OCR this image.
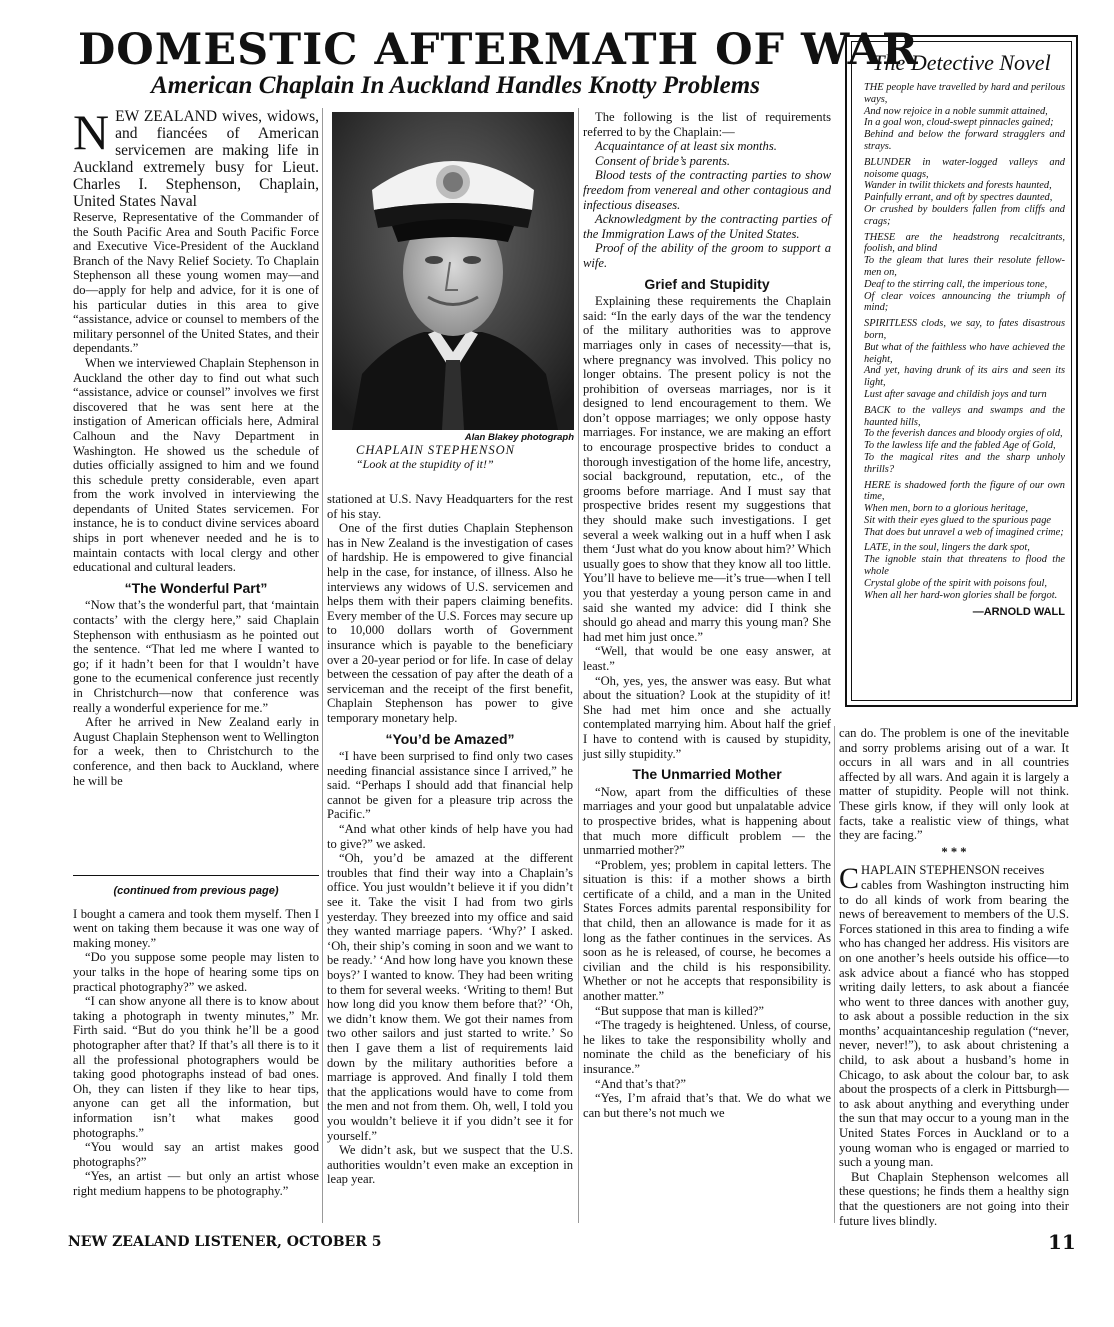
DOMESTIC AFTERMATH OF WAR
American Chaplain In Auckland Handles Knotty Problems
N EW ZEALAND wives, widows, and fiancées of American servicemen are making life in Auckland extremely busy for Lieut. Charles I. Stephenson, Chaplain, United States Naval

Reserve, Representative of the Commander of the South Pacific Area and South Pacific Force and Executive Vice-President of the Auckland Branch of the Navy Relief Society. To Chaplain Stephenson all these young women may—and do—apply for help and advice, for it is one of his particular duties in this area to give “assistance, advice or counsel to members of the military personnel of the United States, and their dependants.”

When we interviewed Chaplain Stephenson in Auckland the other day to find out what such “assistance, advice or counsel” involves we first discovered that he was sent here at the instigation of American officials here, Admiral Calhoun and the Navy Department in Washington. He showed us the schedule of duties officially assigned to him and we found this schedule pretty considerable, even apart from the work involved in interviewing the dependants of United States servicemen. For instance, he is to conduct divine services aboard ships in port whenever needed and he is to maintain contacts with local clergy and other educational and cultural leaders.

“The Wonderful Part”

“Now that’s the wonderful part, that ‘maintain contacts’ with the clergy here,” said Chaplain Stephenson with enthusiasm as he pointed out the sentence. “That led me where I wanted to go; if it hadn’t been for that I wouldn’t have gone to the ecumenical conference just recently in Christchurch—now that conference was really a wonderful experience for me.”

After he arrived in New Zealand early in August Chaplain Stephenson went to Wellington for a week, then to Christchurch to the conference, and then back to Auckland, where he will be

Alan Blakey photograph
CHAPLAIN STEPHENSON
“Look at the stupidity of it!”

stationed at U.S. Navy Headquarters for the rest of his stay.

One of the first duties Chaplain Stephenson has in New Zealand is the investigation of cases of hardship. He is empowered to give financial help in the case, for instance, of illness. Also he interviews any widows of U.S. servicemen and helps them with their papers claiming benefits. Every member of the U.S. Forces may secure up to 10,000 dollars worth of Government insurance which is payable to the beneficiary over a 20-year period or for life. In case of delay between the cessation of pay after the death of a serviceman and the receipt of the first benefit, Chaplain Stephenson has power to give temporary monetary help.

“You’d be Amazed”

“I have been surprised to find only two cases needing financial assistance since I arrived,” he said. “Perhaps I should add that financial help cannot be given for a pleasure trip across the Pacific.”

“And what other kinds of help have you had to give?” we asked.

“Oh, you’d be amazed at the different troubles that find their way into a Chaplain’s office. You just wouldn’t believe it if you didn’t see it. Take the visit I had from two girls yesterday. They breezed into my office and said they wanted marriage papers. ‘Why?’ I asked. ‘Oh, their ship’s coming in soon and we want to be ready.’ ‘And how long have you known these boys?’ I wanted to know. They had been writing to them for several weeks. ‘Writing to them! But how long did you know them before that?’ ‘Oh, we didn’t know them. We got their names from two other sailors and just started to write.’ So then I gave them a list of requirements laid down by the military authorities before a marriage is approved. And finally I told them that the applications would have to come from the men and not from them. Oh, well, I told you you wouldn’t believe it if you didn’t see it for yourself.”

We didn’t ask, but we suspect that the U.S. authorities wouldn’t even make an exception in leap year.

The following is the list of requirements referred to by the Chaplain:—

Acquaintance of at least six months.

Consent of bride’s parents.

Blood tests of the contracting parties to show freedom from venereal and other contagious and infectious diseases.

Acknowledgment by the contracting parties of the Immigration Laws of the United States.

Proof of the ability of the groom to support a wife.

Grief and Stupidity

Explaining these requirements the Chaplain said: “In the early days of the war the tendency of the military authorities was to approve marriages only in cases of necessity—that is, where pregnancy was involved. This policy no longer obtains. The present policy is not the prohibition of overseas marriages, nor is it designed to lend encouragement to them. We don’t oppose marriages; we only oppose hasty marriages. For instance, we are making an effort to encourage prospective brides to conduct a thorough investigation of the home life, ancestry, social background, reputation, etc., of the grooms before marriage. And I must say that prospective brides resent my suggestions that they should make such investigations. I get several a week walking out in a huff when I ask them ‘Just what do you know about him?’ Which usually goes to show that they know all too little. You’ll have to believe me—it’s true—when I tell you that yesterday a young person came in and said she wanted my advice: did I think she should go ahead and marry this young man? She had met him just once.”

“Well, that would be one easy answer, at least.”

“Oh, yes, yes, the answer was easy. But what about the situation? Look at the stupidity of it! She had met him once and she actually contemplated marrying him. About half the grief I have to contend with is caused by stupidity, just silly stupidity.”

The Unmarried Mother

“Now, apart from the difficulties of these marriages and your good but unpalatable advice to prospective brides, what is happening about that much more difficult problem — the unmarried mother?”

“Problem, yes; problem in capital letters. The situation is this: if a mother shows a birth certificate of a child, and a man in the United States Forces admits parental responsibility for that child, then an allowance is made for it as long as the father continues in the services. As soon as he is released, of course, he becomes a civilian and the child is his responsibility. Whether or not he accepts that responsibility is another matter.”

“But suppose that man is killed?”

“The tragedy is heightened. Unless, of course, he likes to take the responsibility wholly and nominate the child as the beneficiary of his insurance.”

“And that’s that?”

“Yes, I’m afraid that’s that. We do what we can but there’s not much we

The Detective Novel
THE people have travelled by hard and perilous ways,
And now rejoice in a noble summit attained,
In a goal won, cloud-swept pinnacles gained;
Behind and below the forward stragglers and strays.
BLUNDER in water-logged valleys and noisome quags,
Wander in twilit thickets and forests haunted,
Painfully errant, and oft by spectres daunted,
Or crushed by boulders fallen from cliffs and crags;
THESE are the headstrong recalcitrants, foolish, and blind
To the gleam that lures their resolute fellow-men on,
Deaf to the stirring call, the imperious tone,
Of clear voices announcing the triumph of mind;
SPIRITLESS clods, we say, to fates disastrous born,
But what of the faithless who have achieved the height,
And yet, having drunk of its airs and seen its light,
Lust after savage and childish joys and turn
BACK to the valleys and swamps and the haunted hills,
To the feverish dances and bloody orgies of old,
To the lawless life and the fabled Age of Gold,
To the magical rites and the sharp unholy thrills?
HERE is shadowed forth the figure of our own time,
When men, born to a glorious heritage,
Sit with their eyes glued to the spurious page
That does but unravel a web of imagined crime;
LATE, in the soul, lingers the dark spot,
The ignoble stain that threatens to flood the whole
Crystal globe of the spirit with poisons foul,
When all her hard-won glories shall be forgot.
—ARNOLD WALL

can do. The problem is one of the inevitable and sorry problems arising out of a war. It occurs in all wars and in all countries affected by all wars. And again it is largely a matter of stupidity. People will not think. These girls know, if they will only look at facts, take a realistic view of things, what they are facing.”

* * *
C HAPLAIN STEPHENSON receives

cables from Washington instructing him to do all kinds of work from bearing the news of bereavement to members of the U.S. Forces stationed in this area to finding a wife who has changed her address. His visitors are on one another’s heels outside his office—to ask advice about a fiancé who has stopped writing daily letters, to ask about a fiancée who went to three dances with another guy, to ask about a possible reduction in the six months’ acquaintanceship regulation (“never, never, never!”), to ask about christening a child, to ask about a husband’s home in Chicago, to ask about the colour bar, to ask about the prospects of a clerk in Pittsburgh—to ask about anything and everything under the sun that may occur to a young man in the United States Forces in Auckland or to a young woman who is engaged or married to such a young man.

But Chaplain Stephenson welcomes all these questions; he finds them a healthy sign that the questioners are not going into their future lives blindly.

(continued from previous page)

I bought a camera and took them myself. Then I went on taking them because it was one way of making money.”

“Do you suppose some people may listen to your talks in the hope of hearing some tips on practical photography?” we asked.

“I can show anyone all there is to know about taking a photograph in twenty minutes,” Mr. Firth said. “But do you think he’ll be a good photographer after that? If that’s all there is to it all the professional photographers would be taking good photographs instead of bad ones. Oh, they can listen if they like to hear tips, anyone can get all the information, but information isn’t what makes good photographs.”

“You would say an artist makes good photographs?”

“Yes, an artist — but only an artist whose right medium happens to be photography.”

NEW ZEALAND LISTENER, OCTOBER 5	11
